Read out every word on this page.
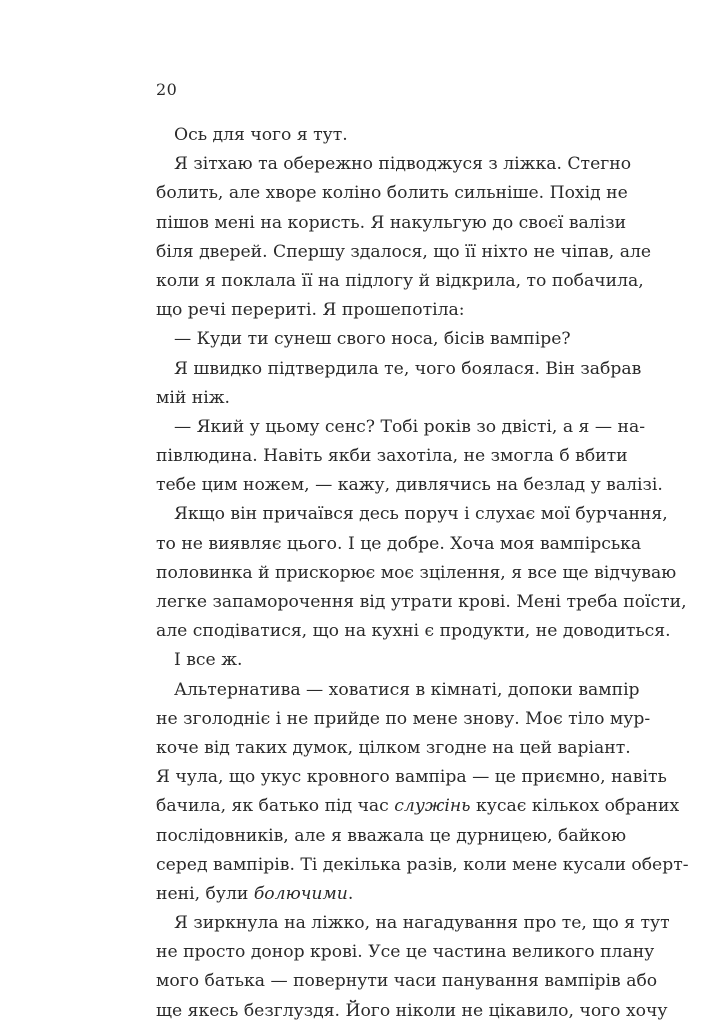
20
Ось для чого я тут.
Я зітхаю та обережно підводжуся з ліжка. Стегно
болить, але хворе коліно болить сильніше. Похід не
пішов мені на користь. Я накульгую до своєї валізи
біля дверей. Спершу здалося, що її ніхто не чіпав, але
коли я поклала її на підлогу й відкрила, то побачила,
що речі перериті. Я прошепотіла:
— Куди ти сунеш свого носа, бісів вампіре?
Я швидко підтвердила те, чого боялася. Він забрав
мій ніж.
— Який у цьому сенс? Тобі років зо двісті, а я — на-
півлюдина. Навіть якби захотіла, не змогла б вбити
тебе цим ножем, — кажу, дивлячись на безлад у валізі.
Якщо він причаївся десь поруч і слухає мої бурчання,
то не виявляє цього. І це добре. Хоча моя вампірська
половинка й прискорює моє зцілення, я все ще відчуваю
легке запаморочення від утрати крові. Мені треба поїсти,
але сподіватися, що на кухні є продукти, не доводиться.
І все ж.
Альтернатива — ховатися в кімнаті, допоки вампір
не зголодніє і не прийде по мене знову. Моє тіло мур-
коче від таких думок, цілком згодне на цей варіант.
Я чула, що укус кровного вампіра — це приємно, навіть
бачила, як батько під час служінь кусає кількох обраних
послідовників, але я вважала це дурницею, байкою
серед вампірів. Ті декілька разів, коли мене кусали оберт-
нені, були болючими.
Я зиркнула на ліжко, на нагадування про те, що я тут
не просто донор крові. Усе це частина великого плану
мого батька — повернути часи панування вампірів або
ще якесь безглуздя. Його ніколи не цікавило, чого хочу
